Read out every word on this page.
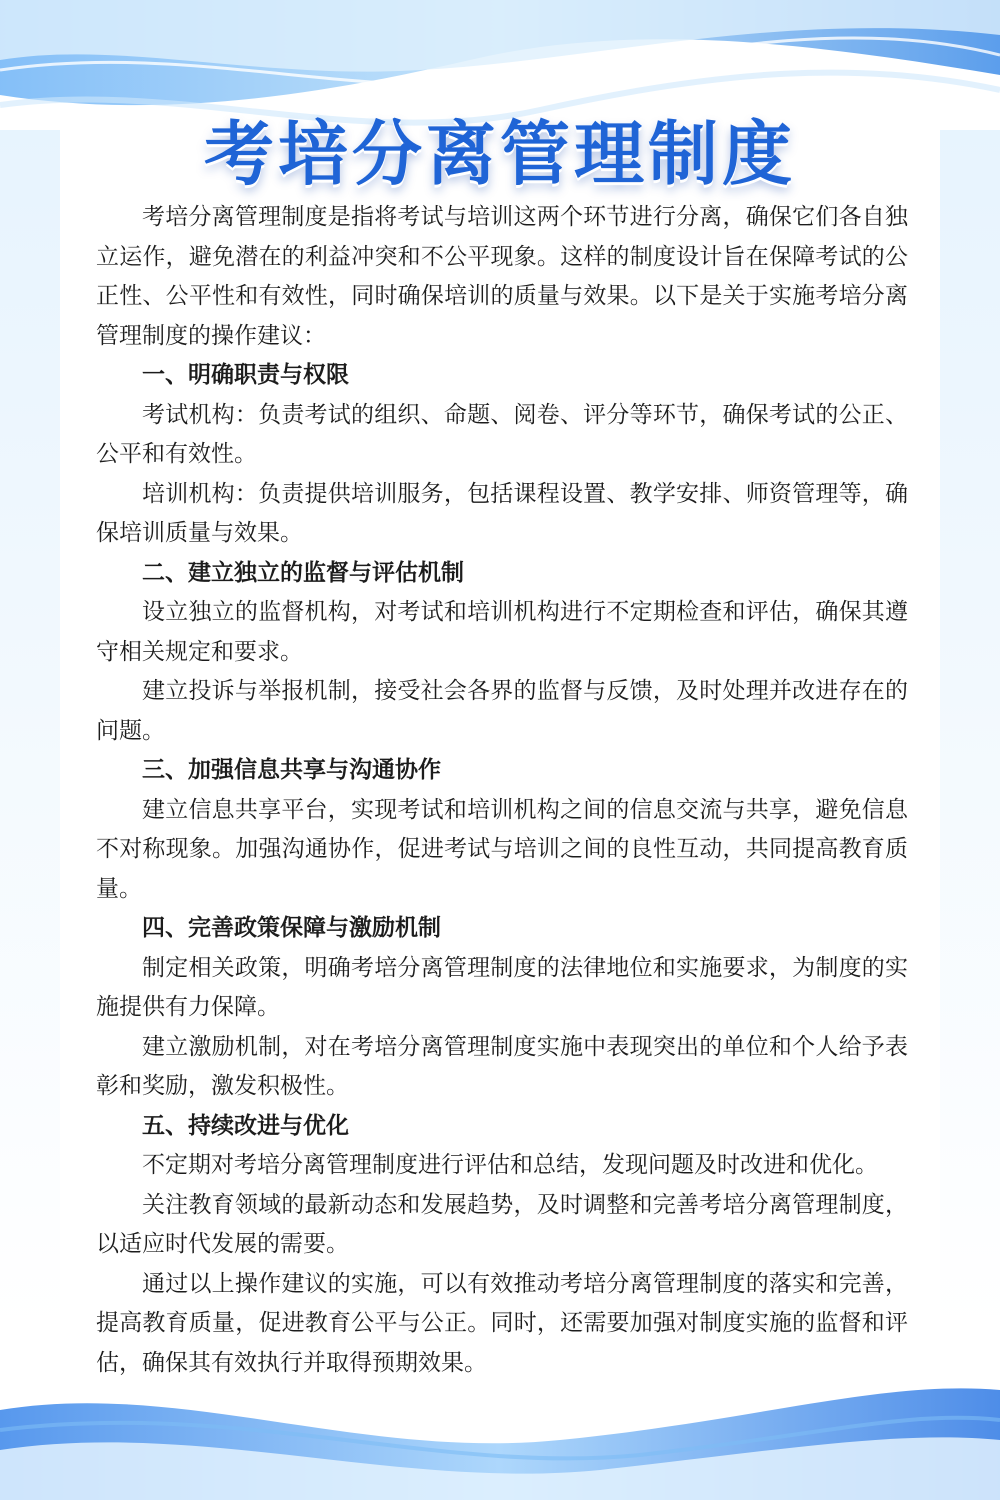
考培分离管理制度

考培分离管理制度是指将考试与培训这两个环节进行分离，确保它们各自独立运作，避免潜在的利益冲突和不公平现象。这样的制度设计旨在保障考试的公正性、公平性和有效性，同时确保培训的质量与效果。以下是关于实施考培分离管理制度的操作建议：

一、明确职责与权限

考试机构：负责考试的组织、命题、阅卷、评分等环节，确保考试的公正、公平和有效性。

培训机构：负责提供培训服务，包括课程设置、教学安排、师资管理等，确保培训质量与效果。

二、建立独立的监督与评估机制

设立独立的监督机构，对考试和培训机构进行不定期检查和评估，确保其遵守相关规定和要求。

建立投诉与举报机制，接受社会各界的监督与反馈，及时处理并改进存在的问题。

三、加强信息共享与沟通协作

建立信息共享平台，实现考试和培训机构之间的信息交流与共享，避免信息不对称现象。加强沟通协作，促进考试与培训之间的良性互动，共同提高教育质量。

四、完善政策保障与激励机制

制定相关政策，明确考培分离管理制度的法律地位和实施要求，为制度的实施提供有力保障。

建立激励机制，对在考培分离管理制度实施中表现突出的单位和个人给予表彰和奖励，激发积极性。

五、持续改进与优化

不定期对考培分离管理制度进行评估和总结，发现问题及时改进和优化。

关注教育领域的最新动态和发展趋势，及时调整和完善考培分离管理制度，以适应时代发展的需要。

通过以上操作建议的实施，可以有效推动考培分离管理制度的落实和完善，提高教育质量，促进教育公平与公正。同时，还需要加强对制度实施的监督和评估，确保其有效执行并取得预期效果。
